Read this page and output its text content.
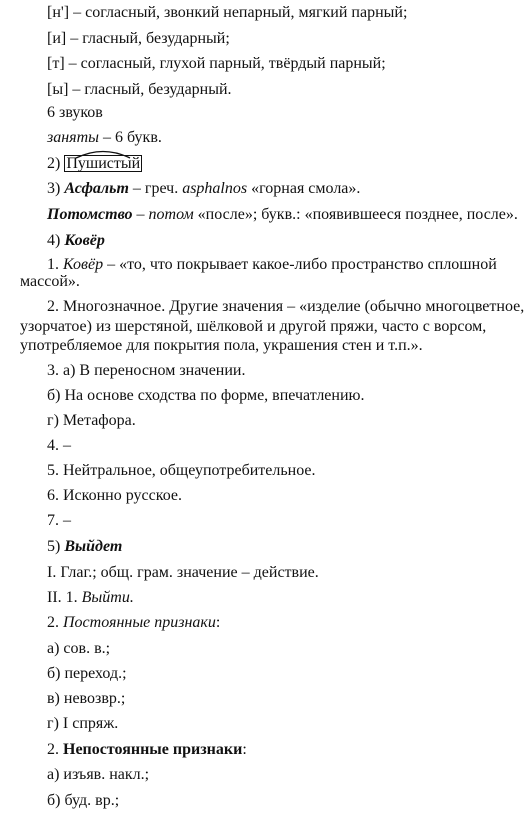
[н'] – согласный, звонкий непарный, мягкий парный;
[и] – гласный, безударный;
[т] – согласный, глухой парный, твёрдый парный;
[ы] – гласный, безударный.
6 звуков
заняты – 6 букв.
2) Пушистый
3) Асфальт – греч. asphalnos «горная смола».
Потомство – потом «после»; букв.: «появившееся позднее, после».
4) Ковёр
1. Ковёр – «то, что покрывает какое-либо пространство сплошной
массой».
2. Многозначное. Другие значения – «изделие (обычно многоцветное,
узорчатое) из шерстяной, шёлковой и другой пряжи, часто с ворсом,
употребляемое для покрытия пола, украшения стен и т.п.».
3. а) В переносном значении.
б) На основе сходства по форме, впечатлению.
г) Метафора.
4. –
5. Нейтральное, общеупотребительное.
6. Исконно русское.
7. –
5) Выйдет
I. Глаг.; общ. грам. значение – действие.
II. 1. Выйти.
2. Постоянные признаки:
а) сов. в.;
б) переход.;
в) невозвр.;
г) I спряж.
2. Непостоянные признаки:
а) изъяв. накл.;
б) буд. вр.;
